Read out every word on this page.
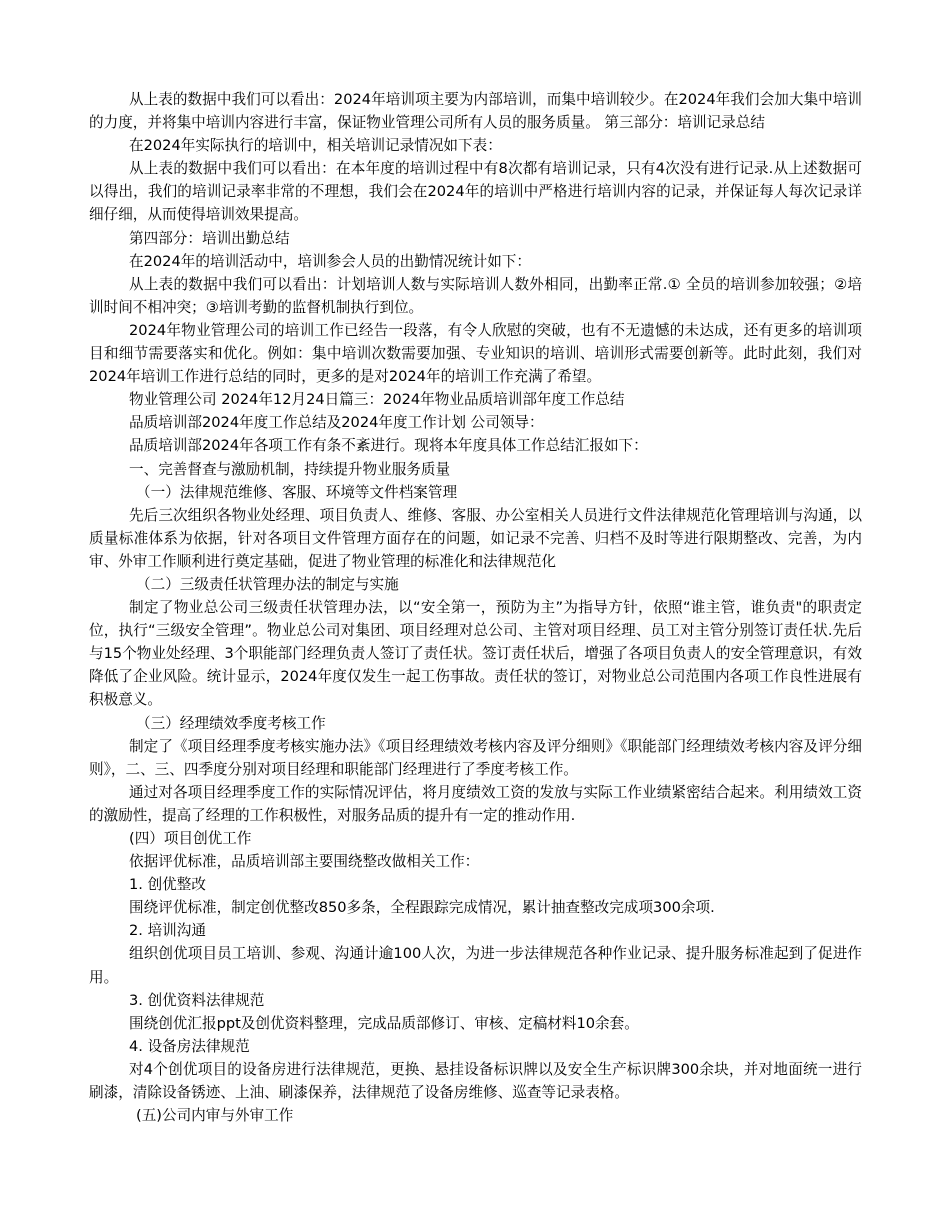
从上表的数据中我们可以看出：2024年培训项主要为内部培训，而集中培训较少。在2024年我们会加大集中培训的力度，并将集中培训内容进行丰富，保证物业管理公司所有人员的服务质量。 第三部分：培训记录总结

在2024年实际执行的培训中，相关培训记录情况如下表：

从上表的数据中我们可以看出：在本年度的培训过程中有8次都有培训记录，只有4次没有进行记录.从上述数据可以得出，我们的培训记录率非常的不理想，我们会在2024年的培训中严格进行培训内容的记录，并保证每人每次记录详细仔细，从而使得培训效果提高。

第四部分：培训出勤总结

在2024年的培训活动中，培训参会人员的出勤情况统计如下：

从上表的数据中我们可以看出：计划培训人数与实际培训人数外相同，出勤率正常.① 全员的培训参加较强；②培训时间不相冲突；③培训考勤的监督机制执行到位。

2024年物业管理公司的培训工作已经告一段落，有令人欣慰的突破，也有不无遗憾的未达成，还有更多的培训项目和细节需要落实和优化。例如：集中培训次数需要加强、专业知识的培训、培训形式需要创新等。此时此刻，我们对2024年培训工作进行总结的同时，更多的是对2024年的培训工作充满了希望。

物业管理公司 2024年12月24日篇三：2024年物业品质培训部年度工作总结

品质培训部2024年度工作总结及2024年度工作计划 公司领导：

品质培训部2024年各项工作有条不紊进行。现将本年度具体工作总结汇报如下：

一、完善督查与激励机制，持续提升物业服务质量

（一）法律规范维修、客服、环境等文件档案管理

先后三次组织各物业处经理、项目负责人、维修、客服、办公室相关人员进行文件法律规范化管理培训与沟通，以质量标准体系为依据，针对各项目文件管理方面存在的问题，如记录不完善、归档不及时等进行限期整改、完善，为内审、外审工作顺利进行奠定基础，促进了物业管理的标准化和法律规范化

（二）三级责任状管理办法的制定与实施

制定了物业总公司三级责任状管理办法，以“安全第一，预防为主”为指导方针，依照“谁主管，谁负责"的职责定位，执行“三级安全管理”。物业总公司对集团、项目经理对总公司、主管对项目经理、员工对主管分别签订责任状.先后与15个物业处经理、3个职能部门经理负责人签订了责任状。签订责任状后，增强了各项目负责人的安全管理意识，有效降低了企业风险。统计显示，2024年度仅发生一起工伤事故。责任状的签订，对物业总公司范围内各项工作良性进展有积极意义。

（三）经理绩效季度考核工作

制定了《项目经理季度考核实施办法》《项目经理绩效考核内容及评分细则》《职能部门经理绩效考核内容及评分细则》，二、三、四季度分别对项目经理和职能部门经理进行了季度考核工作。

通过对各项目经理季度工作的实际情况评估，将月度绩效工资的发放与实际工作业绩紧密结合起来。利用绩效工资的激励性，提高了经理的工作积极性，对服务品质的提升有一定的推动作用.

(四）项目创优工作

依据评优标准，品质培训部主要围绕整改做相关工作：

1. 创优整改

围绕评优标准，制定创优整改850多条，全程跟踪完成情况，累计抽查整改完成项300余项.

2. 培训沟通

组织创优项目员工培训、参观、沟通计逾100人次，为进一步法律规范各种作业记录、提升服务标准起到了促进作用。

3. 创优资料法律规范

围绕创优汇报ppt及创优资料整理，完成品质部修订、审核、定稿材料10余套。

4. 设备房法律规范

对4个创优项目的设备房进行法律规范，更换、悬挂设备标识牌以及安全生产标识牌300余块，并对地面统一进行刷漆，清除设备锈迹、上油、刷漆保养，法律规范了设备房维修、巡查等记录表格。

(五)公司内审与外审工作
